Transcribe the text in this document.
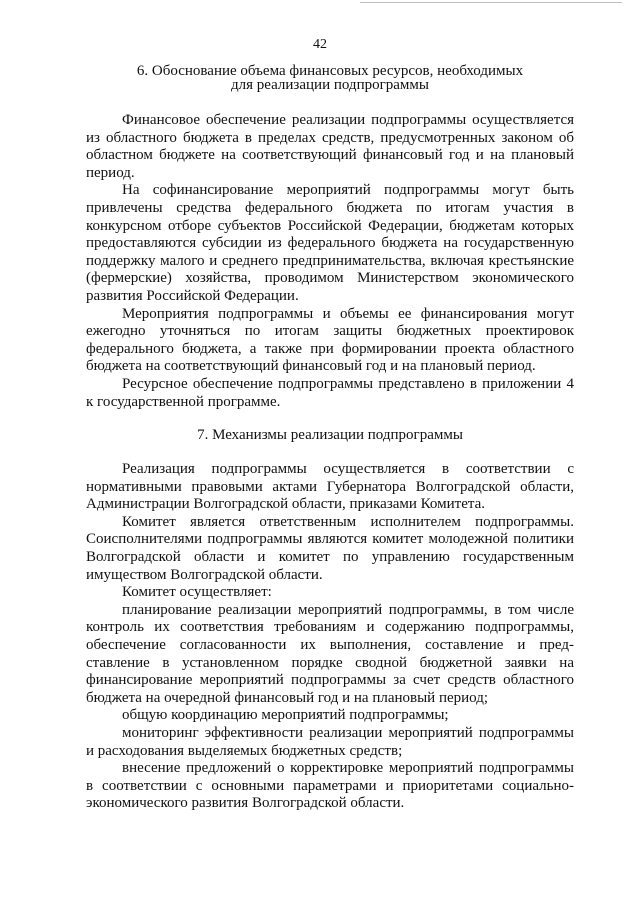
42
6. Обоснование объема финансовых ресурсов, необходимых
для реализации подпрограммы

Финансовое обеспечение реализации подпрограммы осуществляется из областного бюджета в пределах средств, предусмотренных законом об областном бюджете на соответствующий финансовый год и на плановый период.

На софинансирование мероприятий подпрограммы могут быть привлечены средства федерального бюджета по итогам участия в конкурсном отборе субъектов Российской Федерации, бюджетам которых предоставляются субсидии из федерального бюджета на государственную поддержку малого и среднего предпринимательства, включая крестьянские (фермерские) хозяйства, проводимом Министерством экономического развития Российской Федерации.

Мероприятия подпрограммы и объемы ее финансирования могут ежегодно уточняться по итогам защиты бюджетных проектировок федерального бюджета, а также при формировании проекта областного бюджета на соответствующий финансовый год и на плановый период.

Ресурсное обеспечение подпрограммы представлено в приложении 4 к государственной программе.

7. Механизмы реализации подпрограммы

Реализация подпрограммы осуществляется в соответствии с нормативными правовыми актами Губернатора Волгоградской области, Администрации Волгоградской области, приказами Комитета.

Комитет является ответственным исполнителем подпрограммы. Соисполнителями подпрограммы являются комитет молодежной политики Волгоградской области и комитет по управлению государственным имуществом Волгоградской области.

Комитет осуществляет:

планирование реализации мероприятий подпрограммы, в том числе контроль их соответствия требованиям и содержанию подпрограммы, обеспечение согласованности их выполнения, составление и пред-ставление в установленном порядке сводной бюджетной заявки на финансирование мероприятий подпрограммы за счет средств областного бюджета на очередной финансовый год и на плановый период;

общую координацию мероприятий подпрограммы;

мониторинг эффективности реализации мероприятий подпрограммы и расходования выделяемых бюджетных средств;

внесение предложений о корректировке мероприятий подпрограммы в соответствии с основными параметрами и приоритетами социально-экономического развития Волгоградской области.
